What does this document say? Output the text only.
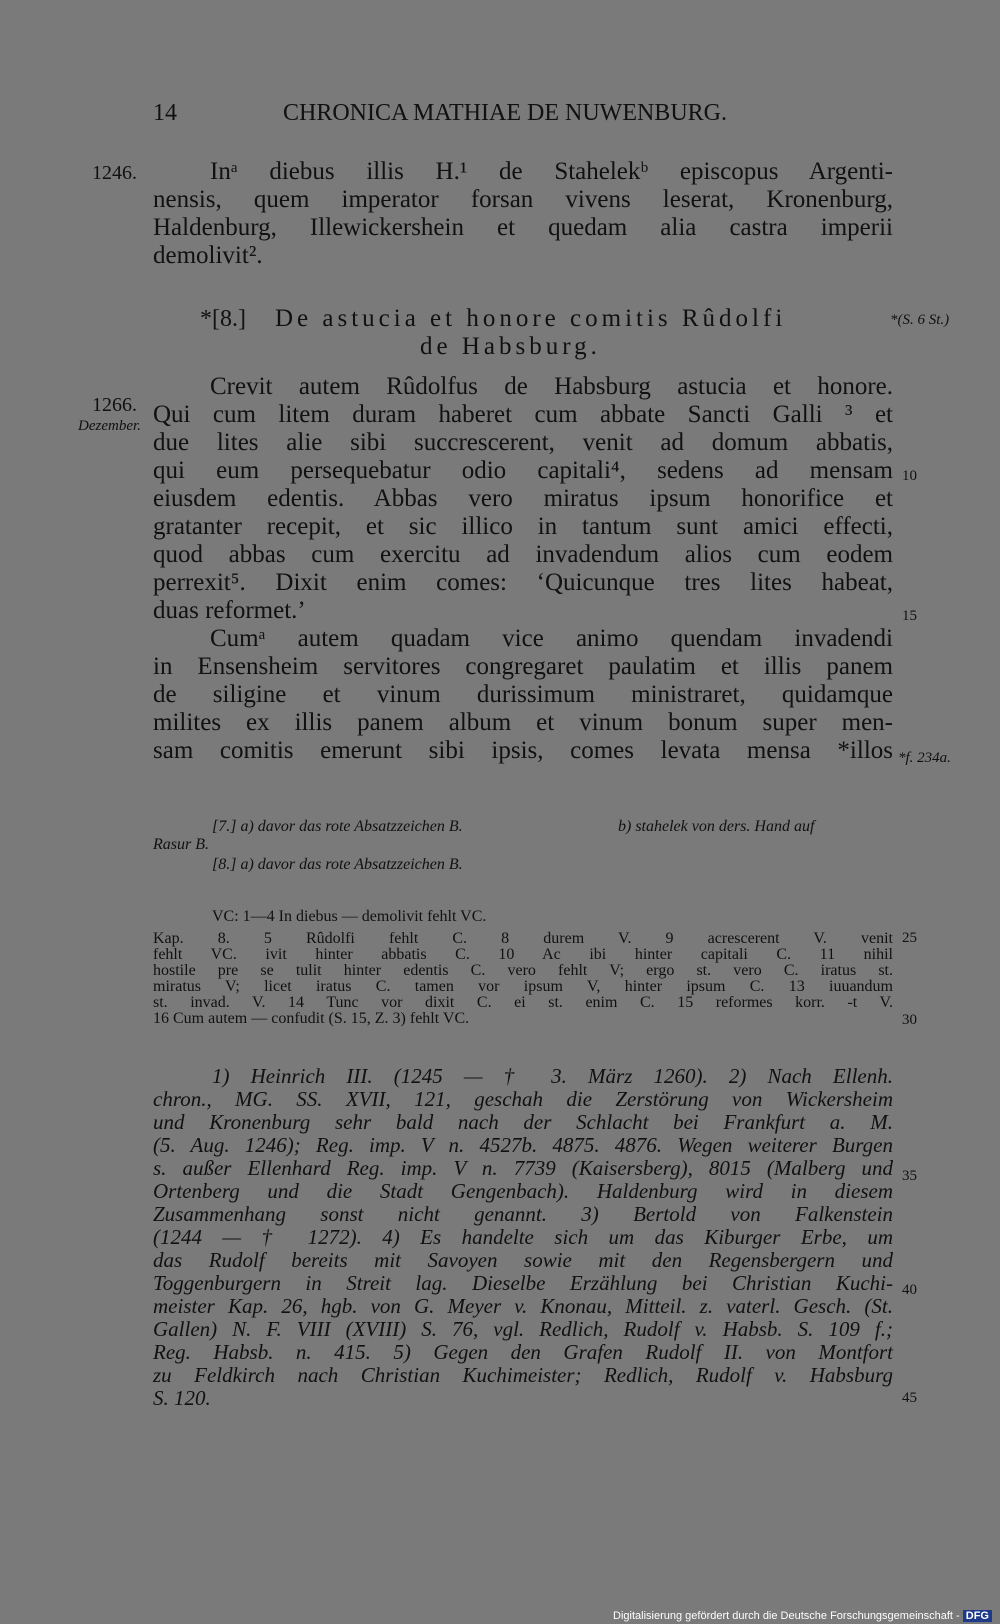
14	CHRONICA MATHIAE DE NUWENBURG.
1246.	Inᵃ diebus illis H.¹ de Stahelekᵇ episcopus Argenti-
nensis, quem imperator forsan vivens leserat, Kronenburg,
Haldenburg, Illewickershein et quedam alia castra imperii
demolivit².
*[8.] De astucia et honore comitis Rûdolfi
de Habsburg.
*(S. 6 St.)
1266.
Dezember.
Crevit autem Rûdolfus de Habsburg astucia et honore.
Qui cum litem duram haberet cum abbate Sancti Galli ³ et
due lites alie sibi succrescerent, venit ad domum abbatis,
qui eum persequebatur odio capitali⁴, sedens ad mensam
eiusdem edentis. Abbas vero miratus ipsum honorifice et
gratanter recepit, et sic illico in tantum sunt amici effecti,
quod abbas cum exercitu ad invadendum alios cum eodem
perrexit⁵. Dixit enim comes: ‘Quicunque tres lites habeat,
duas reformet.’
Cumᵃ autem quadam vice animo quendam invadendi
in Ensensheim servitores congregaret paulatim et illis panem
de siligine et vinum durissimum ministraret, quidamque
milites ex illis panem album et vinum bonum super men-
sam comitis emerunt sibi ipsis, comes levata mensa *illos
10
15
*f. 234a.
[7.] a) davor das rote Absatzzeichen B.	b) stahelek von ders. Hand auf
Rasur B.
[8.] a) davor das rote Absatzzeichen B.
VC: 1—4 In diebus — demolivit fehlt VC.
Kap. 8. 5 Rûdolfi fehlt C. 8 durem V. 9 acrescerent V. venit
fehlt VC. ivit hinter abbatis C. 10 Ac ibi hinter capitali C. 11 nihil
hostile pre se tulit hinter edentis C. vero fehlt V; ergo st. vero C. iratus st.
miratus V; licet iratus C. tamen vor ipsum V, hinter ipsum C. 13 iuuandum
st. invad. V. 14 Tunc vor dixit C. ei st. enim C. 15 reformes korr. -t V.
16 Cum autem — confudit (S. 15, Z. 3) fehlt VC.
25
30
1) Heinrich III. (1245 — † 3. März 1260). 2) Nach Ellenh.
chron., MG. SS. XVII, 121, geschah die Zerstörung von Wickersheim
und Kronenburg sehr bald nach der Schlacht bei Frankfurt a. M.
(5. Aug. 1246); Reg. imp. V n. 4527b. 4875. 4876. Wegen weiterer Burgen
s. außer Ellenhard Reg. imp. V n. 7739 (Kaisersberg), 8015 (Malberg und
Ortenberg und die Stadt Gengenbach). Haldenburg wird in diesem
Zusammenhang sonst nicht genannt. 3) Bertold von Falkenstein
(1244 — † 1272). 4) Es handelte sich um das Kiburger Erbe, um
das Rudolf bereits mit Savoyen sowie mit den Regensbergern und
Toggenburgern in Streit lag. Dieselbe Erzählung bei Christian Kuchi-
meister Kap. 26, hgb. von G. Meyer v. Knonau, Mitteil. z. vaterl. Gesch. (St.
Gallen) N. F. VIII (XVIII) S. 76, vgl. Redlich, Rudolf v. Habsb. S. 109 f.;
Reg. Habsb. n. 415. 5) Gegen den Grafen Rudolf II. von Montfort
zu Feldkirch nach Christian Kuchimeister; Redlich, Rudolf v. Habsburg
S. 120.
35
40
45
Digitalisierung gefördert durch die Deutsche Forschungsgemeinschaft - DFG
